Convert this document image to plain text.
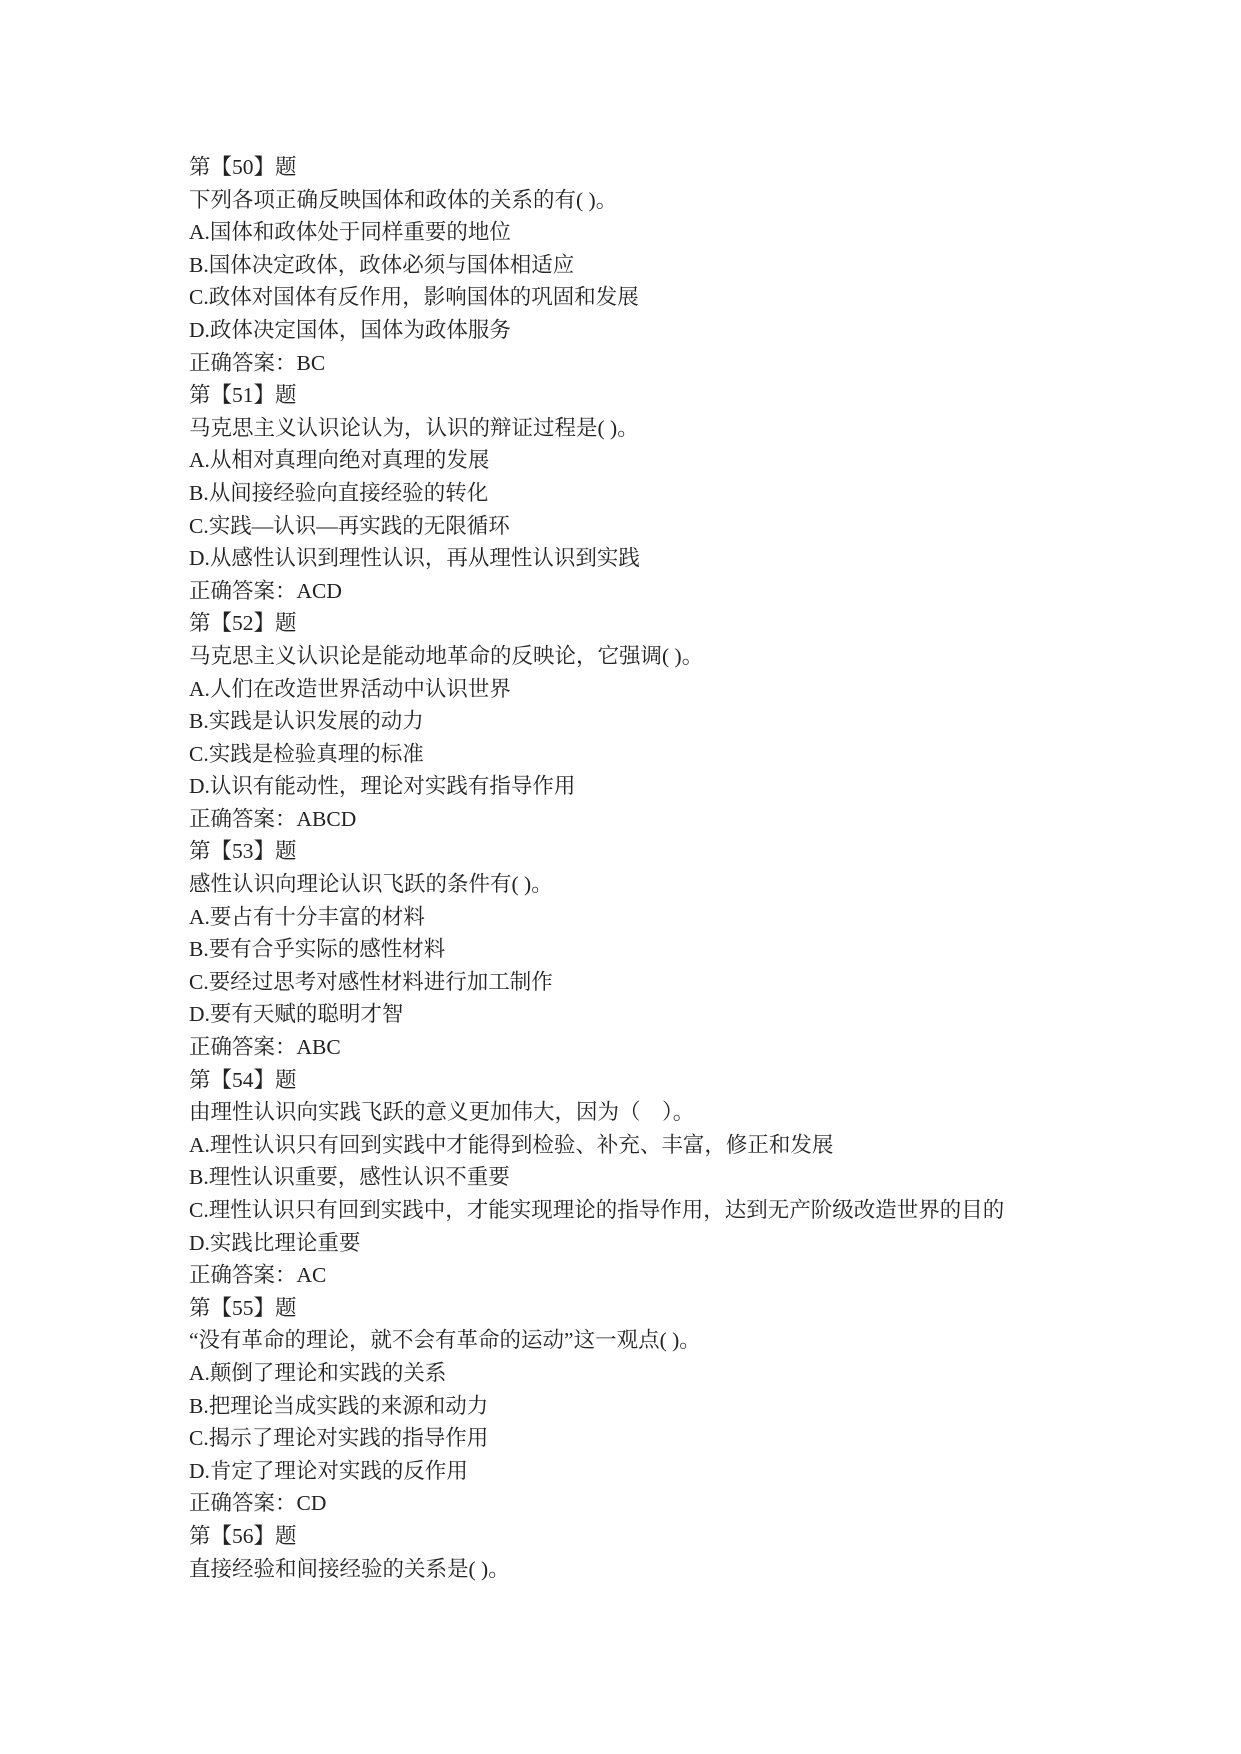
第【50】题
下列各项正确反映国体和政体的关系的有( )。
A.国体和政体处于同样重要的地位
B.国体决定政体，政体必须与国体相适应
C.政体对国体有反作用，影响国体的巩固和发展
D.政体决定国体，国体为政体服务
正确答案：BC
第【51】题
马克思主义认识论认为，认识的辩证过程是( )。
A.从相对真理向绝对真理的发展
B.从间接经验向直接经验的转化
C.实践—认识—再实践的无限循环
D.从感性认识到理性认识，再从理性认识到实践
正确答案：ACD
第【52】题
马克思主义认识论是能动地革命的反映论，它强调( )。
A.人们在改造世界活动中认识世界
B.实践是认识发展的动力
C.实践是检验真理的标准
D.认识有能动性，理论对实践有指导作用
正确答案：ABCD
第【53】题
感性认识向理论认识飞跃的条件有( )。
A.要占有十分丰富的材料
B.要有合乎实际的感性材料
C.要经过思考对感性材料进行加工制作
D.要有天赋的聪明才智
正确答案：ABC
第【54】题
由理性认识向实践飞跃的意义更加伟大，因为（　）。
A.理性认识只有回到实践中才能得到检验、补充、丰富，修正和发展
B.理性认识重要，感性认识不重要
C.理性认识只有回到实践中，才能实现理论的指导作用，达到无产阶级改造世界的目的
D.实践比理论重要
正确答案：AC
第【55】题
“没有革命的理论，就不会有革命的运动”这一观点( )。
A.颠倒了理论和实践的关系
B.把理论当成实践的来源和动力
C.揭示了理论对实践的指导作用
D.肯定了理论对实践的反作用
正确答案：CD
第【56】题
直接经验和间接经验的关系是( )。
